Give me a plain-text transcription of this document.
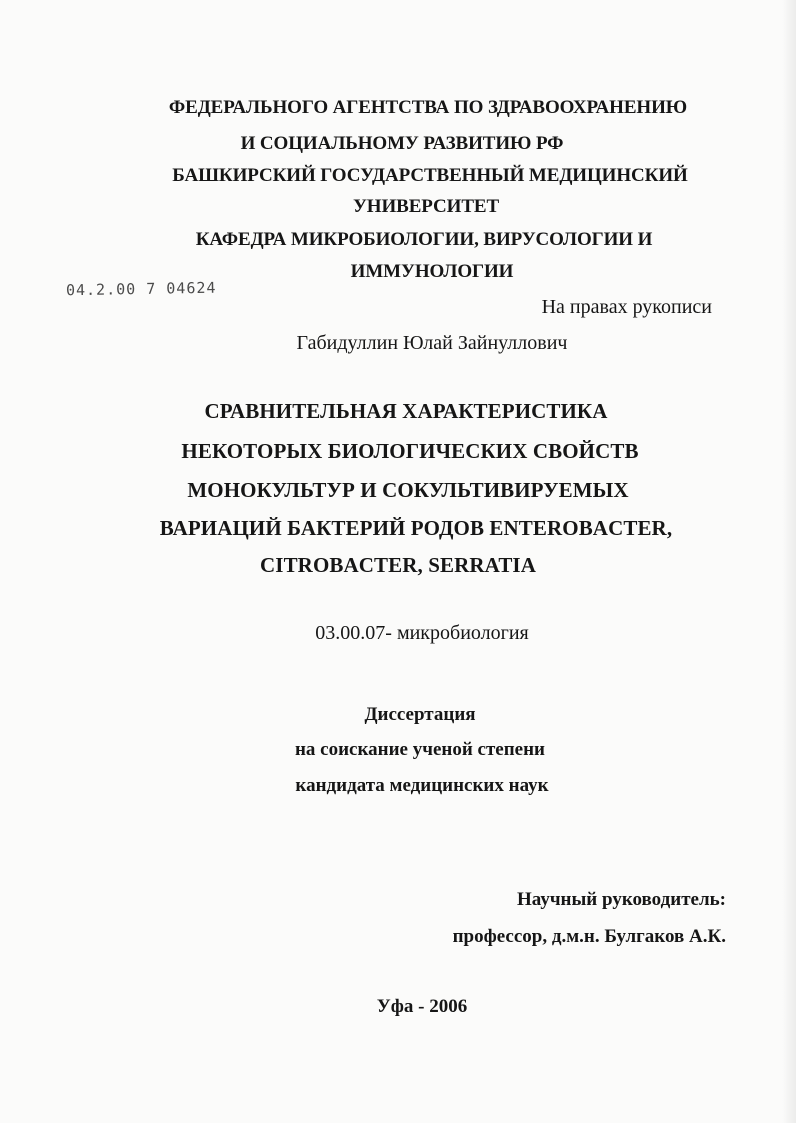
ФЕДЕРАЛЬНОГО АГЕНТСТВА ПО ЗДРАВООХРАНЕНИЮ
И СОЦИАЛЬНОМУ РАЗВИТИЮ РФ
БАШКИРСКИЙ ГОСУДАРСТВЕННЫЙ МЕДИЦИНСКИЙ
УНИВЕРСИТЕТ
КАФЕДРА МИКРОБИОЛОГИИ, ВИРУСОЛОГИИ И
ИММУНОЛОГИИ
04.2.00 7 04624
На правах рукописи
Габидуллин Юлай Зайнуллович
СРАВНИТЕЛЬНАЯ ХАРАКТЕРИСТИКА
НЕКОТОРЫХ БИОЛОГИЧЕСКИХ СВОЙСТВ
МОНОКУЛЬТУР И СОКУЛЬТИВИРУЕМЫХ
ВАРИАЦИЙ БАКТЕРИЙ РОДОВ ENTEROBACTER,
CITROBACTER, SERRATIA
03.00.07- микробиология
Диссертация
на соискание ученой степени
кандидата медицинских наук
Научный руководитель:
профессор, д.м.н. Булгаков А.К.
Уфа - 2006
